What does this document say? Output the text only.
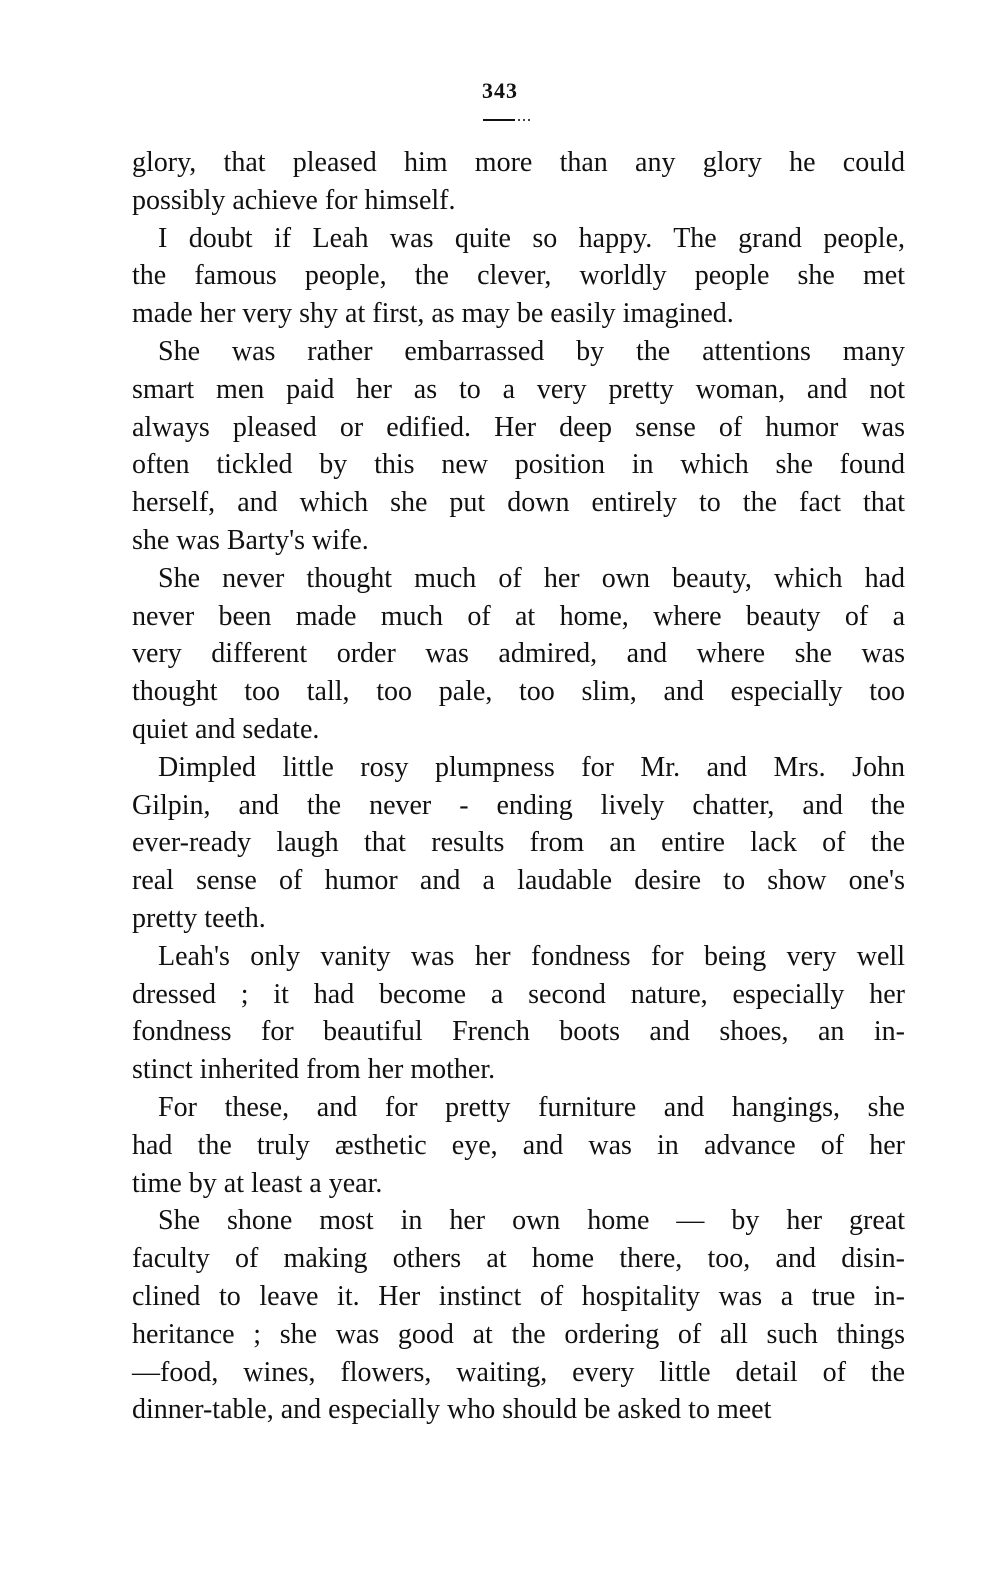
343
glory, that pleased him more than any glory he could
possibly achieve for himself.
I doubt if Leah was quite so happy. The grand people,
the famous people, the clever, worldly people she met
made her very shy at first, as may be easily imagined.
She was rather embarrassed by the attentions many
smart men paid her as to a very pretty woman, and not
always pleased or edified. Her deep sense of humor was
often tickled by this new position in which she found
herself, and which she put down entirely to the fact that
she was Barty's wife.
She never thought much of her own beauty, which had
never been made much of at home, where beauty of a
very different order was admired, and where she was
thought too tall, too pale, too slim, and especially too
quiet and sedate.
Dimpled little rosy plumpness for Mr. and Mrs. John
Gilpin, and the never - ending lively chatter, and the
ever-ready laugh that results from an entire lack of the
real sense of humor and a laudable desire to show one's
pretty teeth.
Leah's only vanity was her fondness for being very well
dressed ; it had become a second nature, especially her
fondness for beautiful French boots and shoes, an in-
stinct inherited from her mother.
For these, and for pretty furniture and hangings, she
had the truly æsthetic eye, and was in advance of her
time by at least a year.
She shone most in her own home — by her great
faculty of making others at home there, too, and disin-
clined to leave it. Her instinct of hospitality was a true in-
heritance ; she was good at the ordering of all such things
—food, wines, flowers, waiting, every little detail of the
dinner-table, and especially who should be asked to meet
